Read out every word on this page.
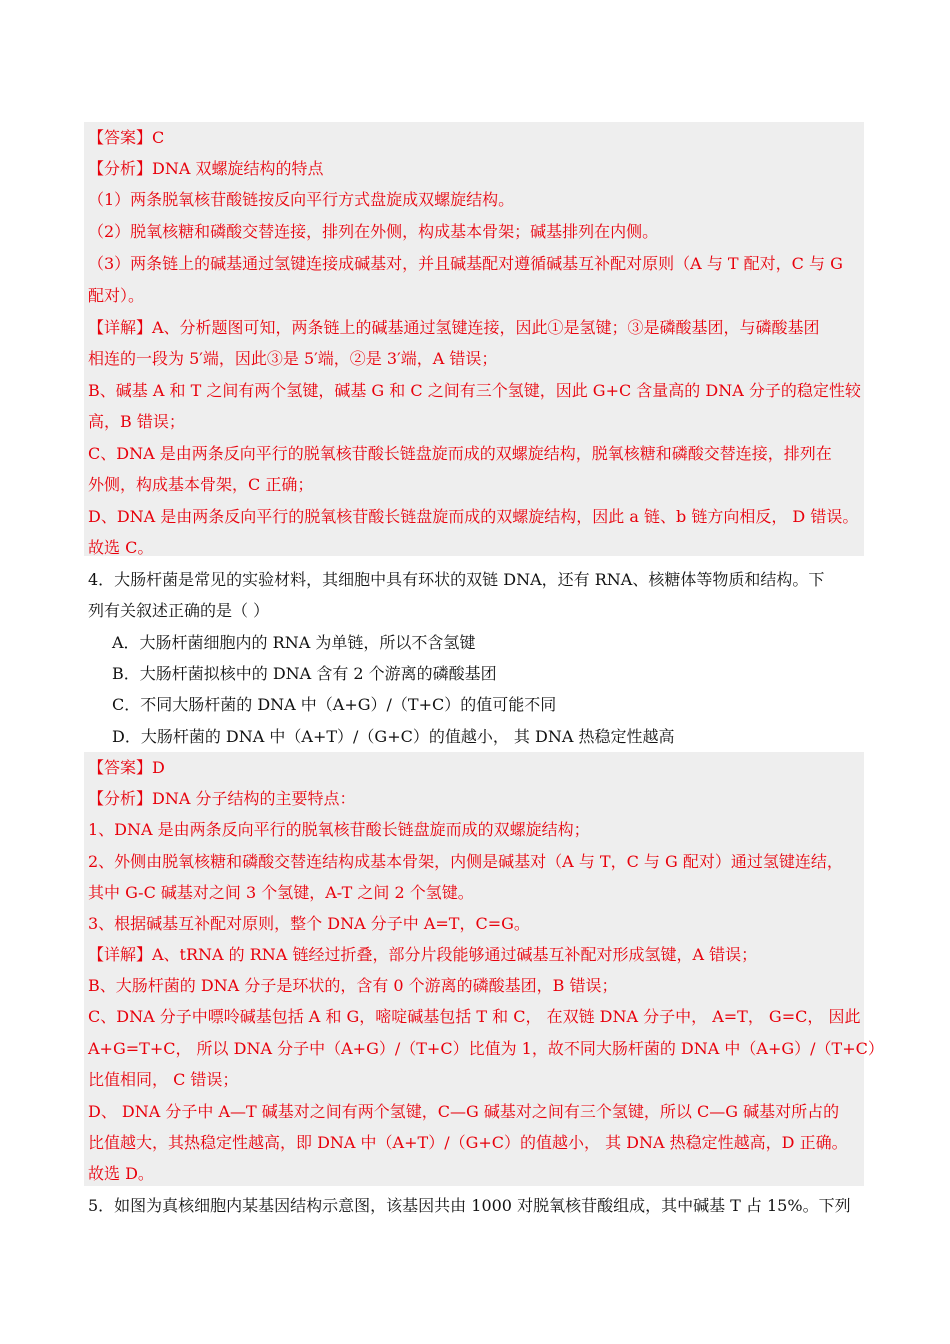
【答案】C
【分析】DNA 双螺旋结构的特点
（1）两条脱氧核苷酸链按反向平行方式盘旋成双螺旋结构。
（2）脱氧核糖和磷酸交替连接，排列在外侧，构成基本骨架；碱基排列在内侧。
（3）两条链上的碱基通过氢键连接成碱基对，并且碱基配对遵循碱基互补配对原则（A 与 T 配对，C 与 G
配对）。
【详解】A、分析题图可知，两条链上的碱基通过氢键连接，因此①是氢键；③是磷酸基团，与磷酸基团
相连的一段为 5′端，因此③是 5′端，②是 3′端，A 错误；
B、碱基 A 和 T 之间有两个氢键，碱基 G 和 C 之间有三个氢键，因此 G+C 含量高的 DNA 分子的稳定性较
高，B 错误；
C、DNA 是由两条反向平行的脱氧核苷酸长链盘旋而成的双螺旋结构，脱氧核糖和磷酸交替连接，排列在
外侧，构成基本骨架，C 正确；
D、DNA 是由两条反向平行的脱氧核苷酸长链盘旋而成的双螺旋结构，因此 a 链、b 链方向相反， D 错误。
故选 C。
4．大肠杆菌是常见的实验材料，其细胞中具有环状的双链 DNA，还有 RNA、核糖体等物质和结构。下
列有关叙述正确的是（ ）
A．大肠杆菌细胞内的 RNA 为单链，所以不含氢键
B．大肠杆菌拟核中的 DNA 含有 2 个游离的磷酸基团
C．不同大肠杆菌的 DNA 中（A+G）/（T+C）的值可能不同
D．大肠杆菌的 DNA 中（A+T）/（G+C）的值越小， 其 DNA 热稳定性越高
【答案】D
【分析】DNA 分子结构的主要特点：
1、DNA 是由两条反向平行的脱氧核苷酸长链盘旋而成的双螺旋结构；
2、外侧由脱氧核糖和磷酸交替连结构成基本骨架，内侧是碱基对（A 与 T，C 与 G 配对）通过氢键连结，
其中 G-C 碱基对之间 3 个氢键，A-T 之间 2 个氢键。
3、根据碱基互补配对原则，整个 DNA 分子中 A=T，C=G。
【详解】A、tRNA 的 RNA 链经过折叠，部分片段能够通过碱基互补配对形成氢键，A 错误；
B、大肠杆菌的 DNA 分子是环状的，含有 0 个游离的磷酸基团，B 错误；
C、DNA 分子中嘌呤碱基包括 A 和 G，嘧啶碱基包括 T 和 C， 在双链 DNA 分子中， A=T， G=C， 因此
A+G=T+C， 所以 DNA 分子中（A+G）/（T+C）比值为 1，故不同大肠杆菌的 DNA 中（A+G）/（T+C）
比值相同， C 错误；
D、 DNA 分子中 A—T 碱基对之间有两个氢键，C—G 碱基对之间有三个氢键，所以 C—G 碱基对所占的
比值越大，其热稳定性越高，即 DNA 中（A+T）/（G+C）的值越小， 其 DNA 热稳定性越高，D 正确。
故选 D。
5．如图为真核细胞内某基因结构示意图，该基因共由 1000 对脱氧核苷酸组成，其中碱基 T 占 15%。下列
